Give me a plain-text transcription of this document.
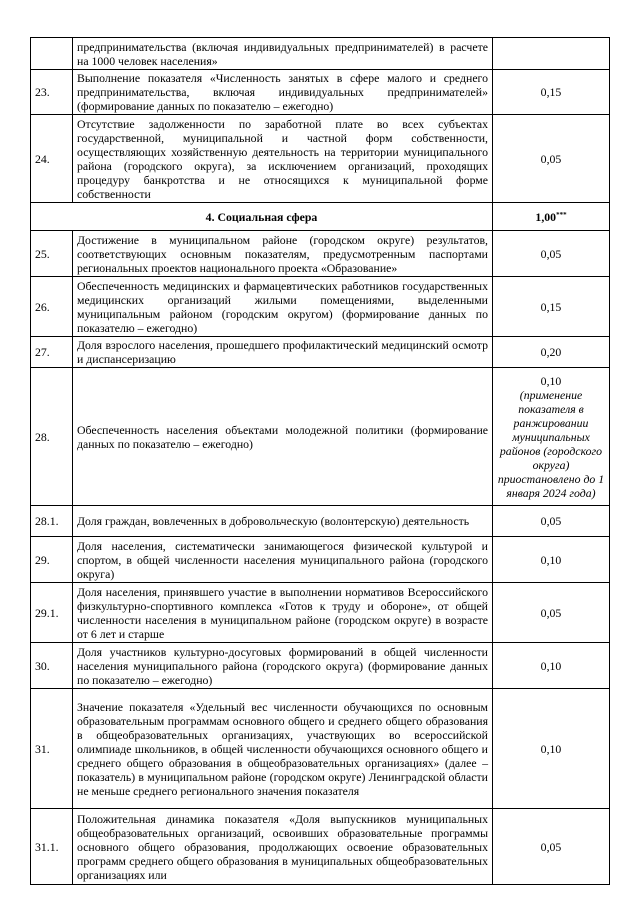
	предпринимательства (включая индивидуальных предпринимателей) в расчете на 1000 человек населения»	
23.	Выполнение показателя «Численность занятых в сфере малого и среднего предпринимательства, включая индивидуальных предпринимателей» (формирование данных по показателю – ежегодно)	0,15
24.	Отсутствие задолженности по заработной плате во всех субъектах государственной, муниципальной и частной форм собственности, осуществляющих хозяйственную деятельность на территории муниципального района (городского округа), за исключением организаций, проходящих процедуру банкротства и не относящихся к муниципальной форме собственности	0,05
4. Социальная сфера		1,00***
25.	Достижение в муниципальном районе (городском округе) результатов, соответствующих основным показателям, предусмотренным паспортами региональных проектов национального проекта «Образование»	0,05
26.	Обеспеченность медицинских и фармацевтических работников государственных медицинских организаций жилыми помещениями, выделенными муниципальным районом (городским округом) (формирование данных по показателю – ежегодно)	0,15
27.	Доля взрослого населения, прошедшего профилактический медицинский осмотр и диспансеризацию	0,20
28.	Обеспеченность населения объектами молодежной политики (формирование данных по показателю – ежегодно)	0,10
(применение показателя в ранжировании муниципальных районов (городского округа) приостановлено до 1 января 2024 года)

28.1.	Доля граждан, вовлеченных в добровольческую (волонтерскую) деятельность	0,05
29.	Доля населения, систематически занимающегося физической культурой и спортом, в общей численности населения муниципального района (городского округа)	0,10
29.1.	Доля населения, принявшего участие в выполнении нормативов Всероссийского физкультурно-спортивного комплекса «Готов к труду и обороне», от общей численности населения в муниципальном районе (городском округе) в возрасте от 6 лет и старше	0,05
30.	Доля участников культурно-досуговых формирований в общей численности населения муниципального района (городского округа) (формирование данных по показателю – ежегодно)	0,10
31.	Значение показателя «Удельный вес численности обучающихся по основным образовательным программам основного общего и среднего общего образования в общеобразовательных организациях, участвующих во всероссийской олимпиаде школьников, в общей численности обучающихся основного общего и среднего общего образования в общеобразовательных организациях» (далее – показатель) в муниципальном районе (городском округе) Ленинградской области не меньше среднего регионального значения показателя	0,10
31.1.	Положительная динамика показателя «Доля выпускников муниципальных общеобразовательных организаций, освоивших образовательные программы основного общего образования, продолжающих освоение образовательных программ среднего общего образования в муниципальных общеобразовательных организациях или	0,05
